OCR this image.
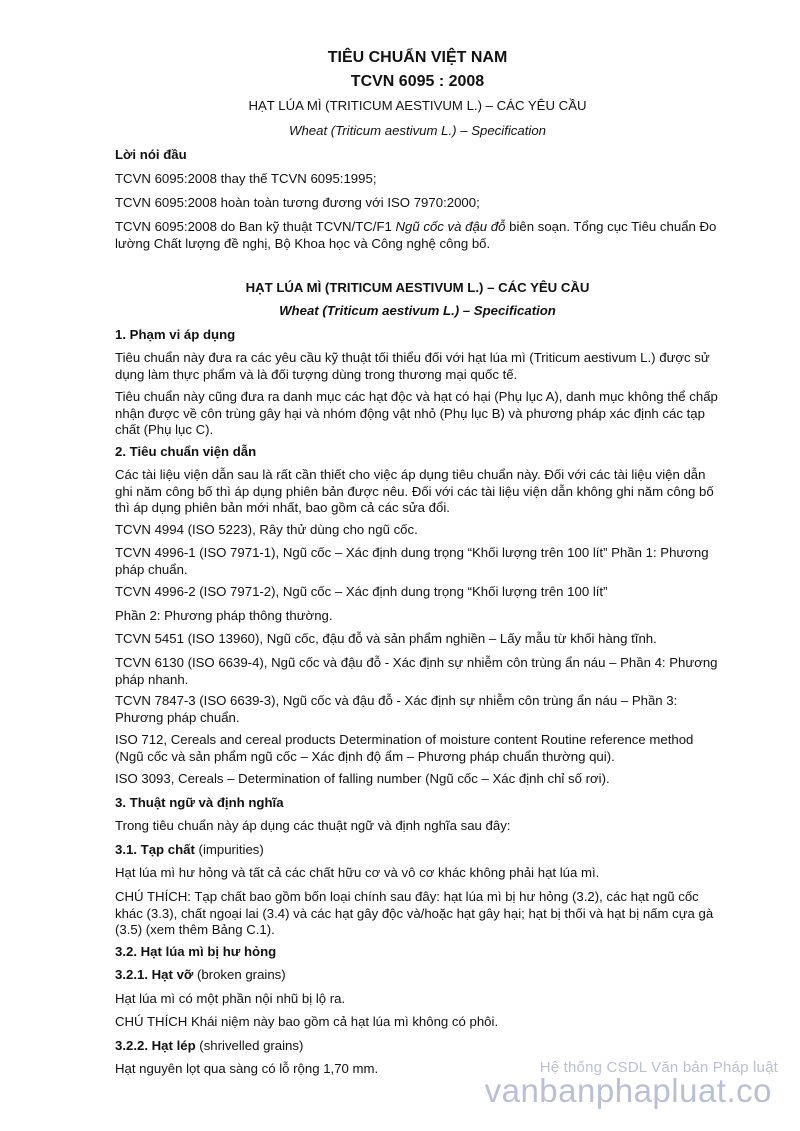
TIÊU CHUẨN VIỆT NAM
TCVN 6095 : 2008
HẠT LÚA MÌ (TRITICUM AESTIVUM L.) – CÁC YÊU CẦU
Wheat (Triticum aestivum L.) – Specification
Lời nói đầu
TCVN 6095:2008 thay thế TCVN 6095:1995;
TCVN 6095:2008 hoàn toàn tương đương với ISO 7970:2000;
TCVN 6095:2008 do Ban kỹ thuật TCVN/TC/F1 Ngũ cốc và đậu đỗ biên soạn. Tổng cục Tiêu chuẩn Đo lường Chất lượng đề nghị, Bộ Khoa học và Công nghệ công bố.
HẠT LÚA MÌ (TRITICUM AESTIVUM L.) – CÁC YÊU CẦU
Wheat (Triticum aestivum L.) – Specification
1. Phạm vi áp dụng
Tiêu chuẩn này đưa ra các yêu cầu kỹ thuật tối thiểu đối với hạt lúa mì (Triticum aestivum L.) được sử dụng làm thực phẩm và là đối tượng dùng trong thương mại quốc tế.
Tiêu chuẩn này cũng đưa ra danh mục các hạt độc và hạt có hại (Phụ lục A), danh mục không thể chấp nhận được về côn trùng gây hại và nhóm động vật nhỏ (Phụ lục B) và phương pháp xác định các tạp chất (Phụ lục C).
2. Tiêu chuẩn viện dẫn
Các tài liệu viện dẫn sau là rất cần thiết cho việc áp dụng tiêu chuẩn này. Đối với các tài liệu viện dẫn ghi năm công bố thì áp dụng phiên bản được nêu. Đối với các tài liệu viện dẫn không ghi năm công bố thì áp dụng phiên bản mới nhất, bao gồm cả các sửa đổi.
TCVN 4994 (ISO 5223), Rây thử dùng cho ngũ cốc.
TCVN 4996-1 (ISO 7971-1), Ngũ cốc – Xác định dung trọng “Khối lượng trên 100 lít” Phần 1: Phương pháp chuẩn.
TCVN 4996-2 (ISO 7971-2), Ngũ cốc – Xác định dung trọng “Khối lượng trên 100 lít”
Phần 2: Phương pháp thông thường.
TCVN 5451 (ISO 13960), Ngũ cốc, đậu đỗ và sản phẩm nghiền – Lấy mẫu từ khối hàng tĩnh.
TCVN 6130 (ISO 6639-4), Ngũ cốc và đậu đỗ - Xác định sự nhiễm côn trùng ẩn náu – Phần 4: Phương pháp nhanh.
TCVN 7847-3 (ISO 6639-3), Ngũ cốc và đậu đỗ - Xác định sự nhiễm côn trùng ẩn náu – Phần 3: Phương pháp chuẩn.
ISO 712, Cereals and cereal products Determination of moisture content Routine reference method (Ngũ cốc và sản phẩm ngũ cốc – Xác định độ ẩm – Phương pháp chuẩn thường qui).
ISO 3093, Cereals – Determination of falling number (Ngũ cốc – Xác định chỉ số rơi).
3. Thuật ngữ và định nghĩa
Trong tiêu chuẩn này áp dụng các thuật ngữ và định nghĩa sau đây:
3.1. Tạp chất (impurities)
Hạt lúa mì hư hỏng và tất cả các chất hữu cơ và vô cơ khác không phải hạt lúa mì.
CHÚ THÍCH: Tạp chất bao gồm bốn loại chính sau đây: hạt lúa mì bị hư hỏng (3.2), các hạt ngũ cốc khác (3.3), chất ngoại lai (3.4) và các hạt gây độc và/hoặc hạt gây hại; hạt bị thối và hạt bị nấm cựa gà (3.5) (xem thêm Bảng C.1).
3.2. Hạt lúa mì bị hư hỏng
3.2.1. Hạt vỡ (broken grains)
Hạt lúa mì có một phần nội nhũ bị lộ ra.
CHÚ THÍCH Khái niệm này bao gồm cả hạt lúa mì không có phôi.
3.2.2. Hạt lép (shrivelled grains)
Hạt nguyên lọt qua sàng có lỗ rộng 1,70 mm.	Hệ thống CSDL Văn bản Pháp luật
vanbanphapluat.co
